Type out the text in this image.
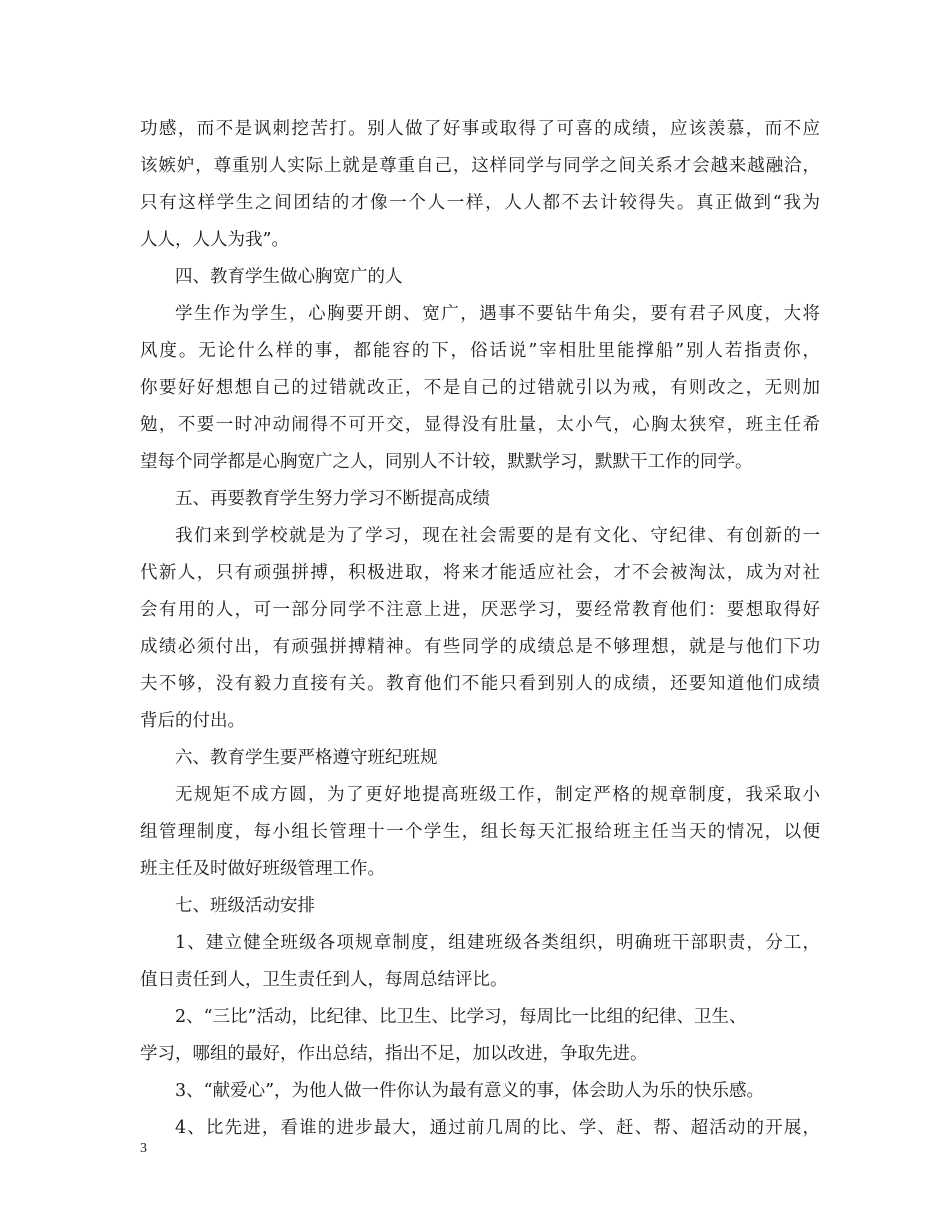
功感，而不是讽刺挖苦打。别人做了好事或取得了可喜的成绩，应该羡慕，而不应
该嫉妒，尊重别人实际上就是尊重自己，这样同学与同学之间关系才会越来越融洽，
只有这样学生之间团结的才像一个人一样，人人都不去计较得失。真正做到“我为
人人，人人为我”。
四、教育学生做心胸宽广的人
学生作为学生，心胸要开朗、宽广，遇事不要钻牛角尖，要有君子风度，大将
风度。无论什么样的事，都能容的下，俗话说”宰相肚里能撑船”别人若指责你，
你要好好想想自己的过错就改正，不是自己的过错就引以为戒，有则改之，无则加
勉，不要一时冲动闹得不可开交，显得没有肚量，太小气，心胸太狭窄，班主任希
望每个同学都是心胸宽广之人，同别人不计较，默默学习，默默干工作的同学。
五、再要教育学生努力学习不断提高成绩
我们来到学校就是为了学习，现在社会需要的是有文化、守纪律、有创新的一
代新人，只有顽强拼搏，积极进取，将来才能适应社会，才不会被淘汰，成为对社
会有用的人，可一部分同学不注意上进，厌恶学习，要经常教育他们：要想取得好
成绩必须付出，有顽强拼搏精神。有些同学的成绩总是不够理想，就是与他们下功
夫不够，没有毅力直接有关。教育他们不能只看到别人的成绩，还要知道他们成绩
背后的付出。
六、教育学生要严格遵守班纪班规
无规矩不成方圆，为了更好地提高班级工作，制定严格的规章制度，我采取小
组管理制度，每小组长管理十一个学生，组长每天汇报给班主任当天的情况，以便
班主任及时做好班级管理工作。
七、班级活动安排
1、建立健全班级各项规章制度，组建班级各类组织，明确班干部职责，分工，
值日责任到人，卫生责任到人，每周总结评比。
2、“三比”活动，比纪律、比卫生、比学习，每周比一比组的纪律、卫生、
学习，哪组的最好，作出总结，指出不足，加以改进，争取先进。
3、“献爱心”，为他人做一件你认为最有意义的事，体会助人为乐的快乐感。
4、比先进，看谁的进步最大，通过前几周的比、学、赶、帮、超活动的开展，
3
